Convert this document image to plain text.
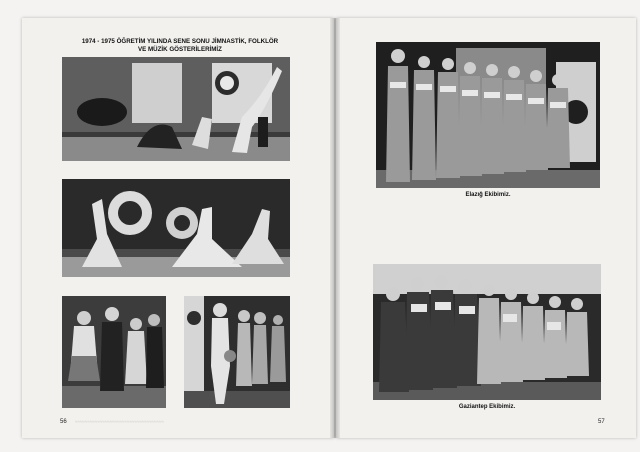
1974 - 1975 ÖĞRETİM YILINDA SENE SONU JİMNASTİK, FOLKLÖR
VE MÜZİK GÖSTERİLERİMİZ
≈≈≈≈≈≈≈≈≈≈≈≈≈≈≈≈≈≈≈≈≈≈≈≈≈≈≈≈≈≈≈≈≈≈≈≈
56
Elazığ Ekibimiz.
Gaziantep Ekibimiz.
57
